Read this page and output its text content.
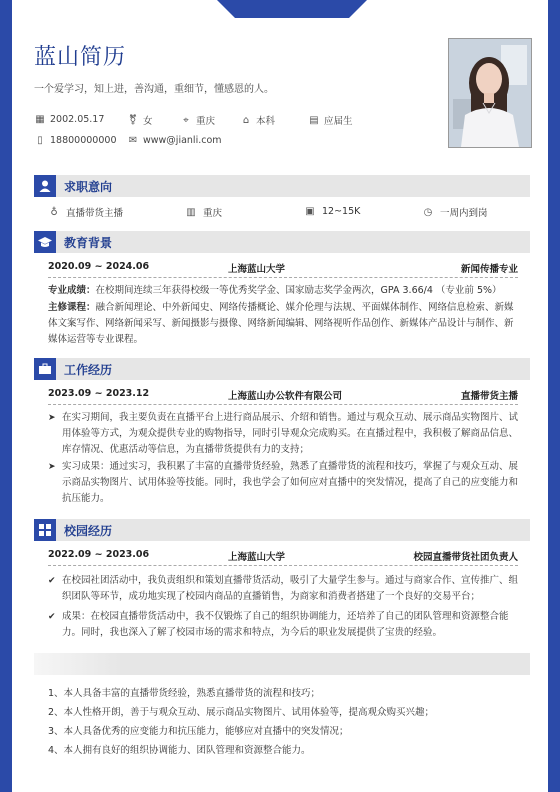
蓝山简历
一个爱学习，知上进，善沟通，重细节，懂感恩的人。
▦ 2002.05.17 ⚧ 女	⌖ 重庆	⌂ 本科	▤ 应届生
▯ 18800000000 ✉ www@jianli.com
求职意向
♁ 直播带货主播	▥ 重庆	▣ 12~15K	◷ 一周内到岗
教育背景
2020.09 ~ 2024.06	上海蓝山大学	新闻传播专业
专业成绩：在校期间连续三年获得校级一等优秀奖学金、国家励志奖学金两次，GPA 3.66/4 （专业前 5%）
主修课程：融合新闻理论、中外新闻史、网络传播概论、媒介伦理与法规、平面媒体制作、网络信息检索、新媒体文案写作、网络新闻采写、新闻摄影与摄像、网络新闻编辑、网络视听作品创作、新媒体产品设计与制作、新媒体运营等专业课程。
工作经历
2023.09 ~ 2023.12	上海蓝山办公软件有限公司	直播带货主播
➤ 在实习期间，我主要负责在直播平台上进行商品展示、介绍和销售。通过与观众互动、展示商品实物图片、试用体验等方式，为观众提供专业的购物指导，同时引导观众完成购买。在直播过程中，我积极了解商品信息、库存情况、优惠活动等信息，为直播带货提供有力的支持；
➤ 实习成果：通过实习，我积累了丰富的直播带货经验，熟悉了直播带货的流程和技巧，掌握了与观众互动、展示商品实物图片、试用体验等技能。同时，我也学会了如何应对直播中的突发情况，提高了自己的应变能力和抗压能力。
校园经历
2022.09 ~ 2023.06	上海蓝山大学	校园直播带货社团负责人
✔ 在校园社团活动中，我负责组织和策划直播带货活动，吸引了大量学生参与。通过与商家合作、宣传推广、组织团队等环节，成功地实现了校园内商品的直播销售，为商家和消费者搭建了一个良好的交易平台；
✔ 成果：在校园直播带货活动中，我不仅锻炼了自己的组织协调能力，还培养了自己的团队管理和资源整合能力。同时，我也深入了解了校园市场的需求和特点，为今后的职业发展提供了宝贵的经验。
1、本人具备丰富的直播带货经验，熟悉直播带货的流程和技巧；
2、本人性格开朗，善于与观众互动、展示商品实物图片、试用体验等，提高观众购买兴趣；
3、本人具备优秀的应变能力和抗压能力，能够应对直播中的突发情况；
4、本人拥有良好的组织协调能力、团队管理和资源整合能力。
